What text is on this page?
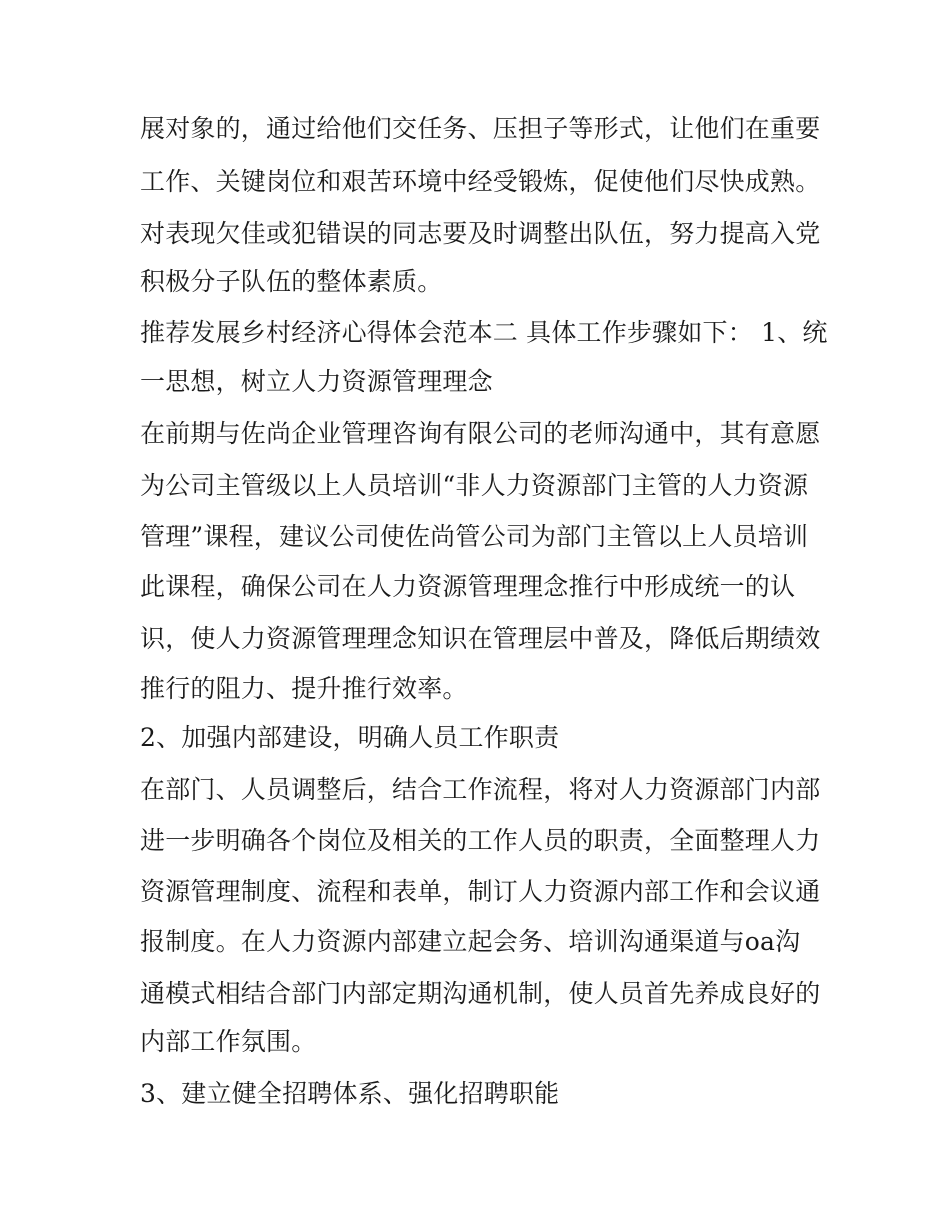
展对象的，通过给他们交任务、压担子等形式，让他们在重要
工作、关键岗位和艰苦环境中经受锻炼，促使他们尽快成熟。
对表现欠佳或犯错误的同志要及时调整出队伍，努力提高入党
积极分子队伍的整体素质。
推荐发展乡村经济心得体会范本二 具体工作步骤如下： 1、统
一思想，树立人力资源管理理念
在前期与佐尚企业管理咨询有限公司的老师沟通中，其有意愿
为公司主管级以上人员培训“非人力资源部门主管的人力资源
管理”课程，建议公司使佐尚管公司为部门主管以上人员培训
此课程，确保公司在人力资源管理理念推行中形成统一的认
识，使人力资源管理理念知识在管理层中普及，降低后期绩效
推行的阻力、提升推行效率。
2、加强内部建设，明确人员工作职责
在部门、人员调整后，结合工作流程，将对人力资源部门内部
进一步明确各个岗位及相关的工作人员的职责，全面整理人力
资源管理制度、流程和表单，制订人力资源内部工作和会议通
报制度。在人力资源内部建立起会务、培训沟通渠道与oa沟
通模式相结合部门内部定期沟通机制，使人员首先养成良好的
内部工作氛围。
3、建立健全招聘体系、强化招聘职能
